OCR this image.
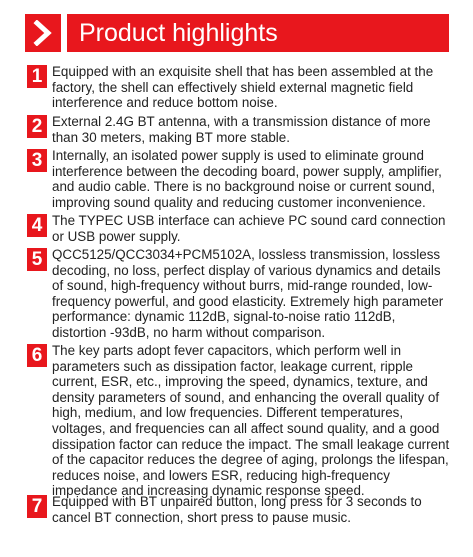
Product highlights
1 Equipped with an exquisite shell that has been assembled at the factory, the shell can effectively shield external magnetic field interference and reduce bottom noise.
2 External 2.4G BT antenna, with a transmission distance of more than 30 meters, making BT more stable.
3 Internally, an isolated power supply is used to eliminate ground interference between the decoding board, power supply, amplifier, and audio cable. There is no background noise or current sound, improving sound quality and reducing customer inconvenience.
4 The TYPEC USB interface can achieve PC sound card connection or USB power supply.
5 QCC5125/QCC3034+PCM5102A, lossless transmission, lossless decoding, no loss, perfect display of various dynamics and details of sound, high-frequency without burrs, mid-range rounded, low-frequency powerful, and good elasticity. Extremely high parameter performance: dynamic 112dB, signal-to-noise ratio 112dB, distortion -93dB, no harm without comparison.
6 The key parts adopt fever capacitors, which perform well in parameters such as dissipation factor, leakage current, ripple current, ESR, etc., improving the speed, dynamics, texture, and density parameters of sound, and enhancing the overall quality of high, medium, and low frequencies. Different temperatures, voltages, and frequencies can all affect sound quality, and a good dissipation factor can reduce the impact. The small leakage current of the capacitor reduces the degree of aging, prolongs the lifespan, reduces noise, and lowers ESR, reducing high-frequency impedance and increasing dynamic response speed.
7 Equipped with BT unpaired button, long press for 3 seconds to cancel BT connection, short press to pause music.
